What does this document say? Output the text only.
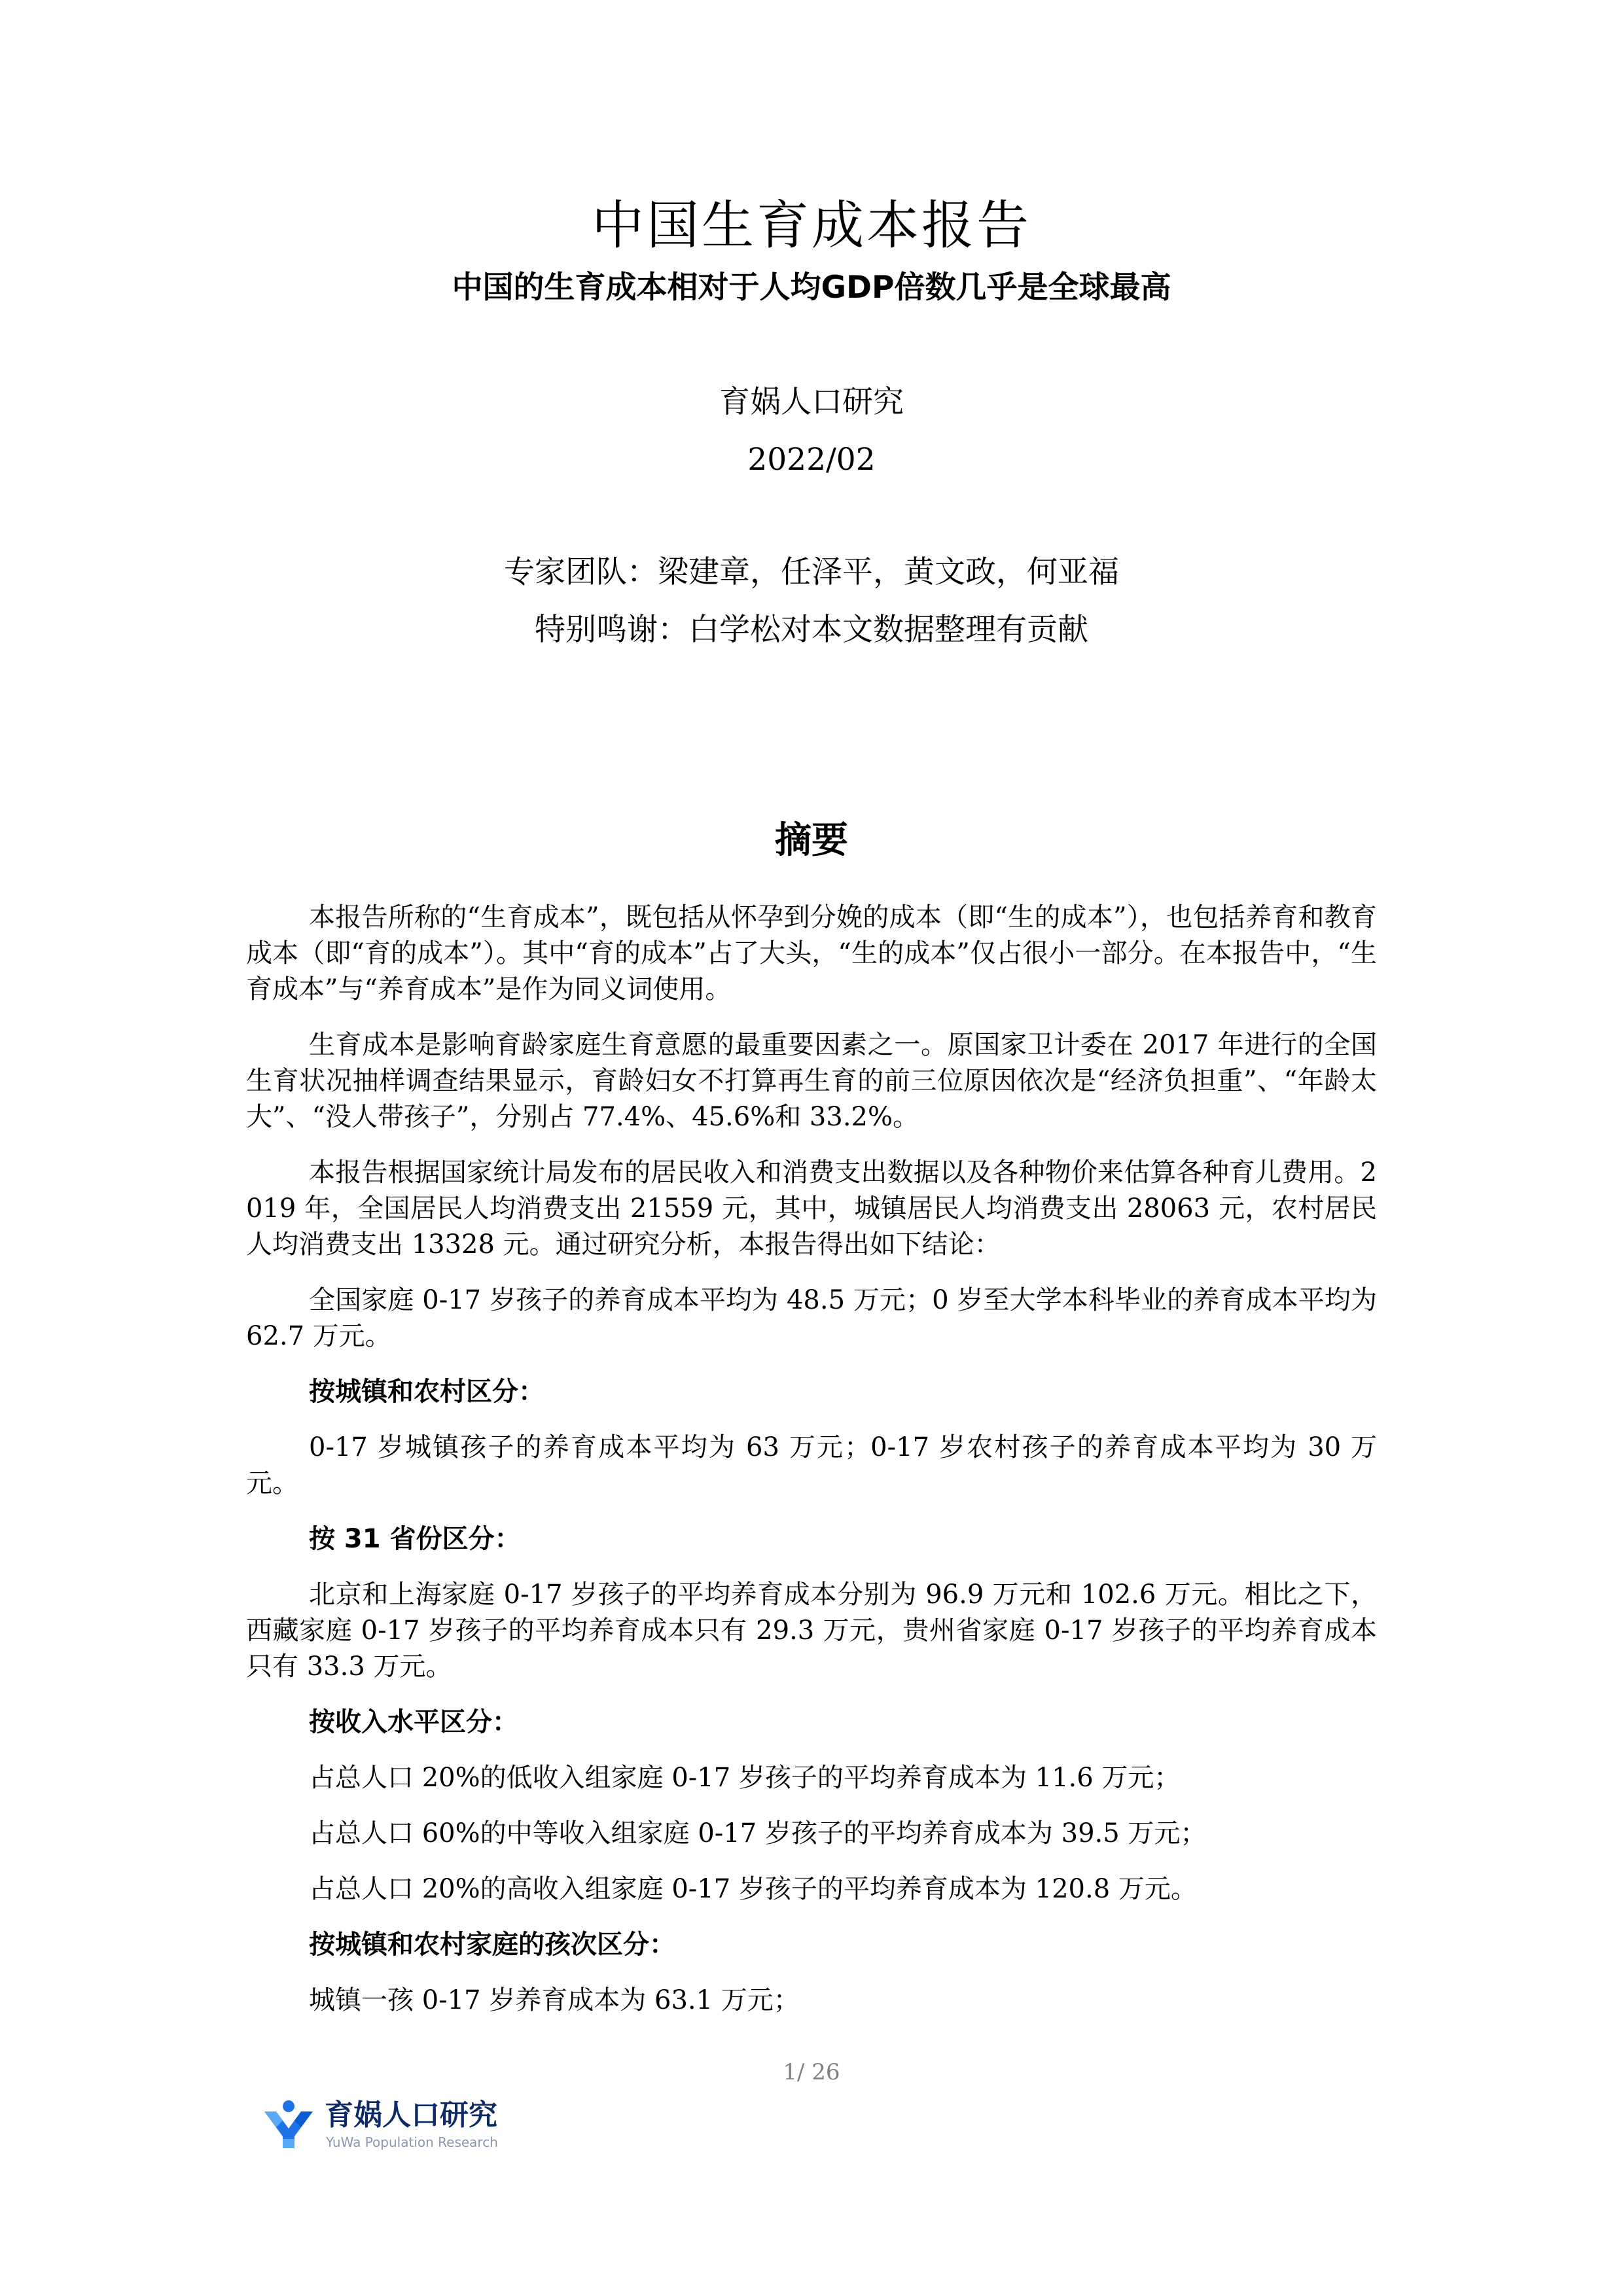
中国生育成本报告
中国的生育成本相对于人均GDP倍数几乎是全球最高
育娲人口研究
2022/02
专家团队：梁建章，任泽平，黄文政，何亚福
特别鸣谢：白学松对本文数据整理有贡献
摘要

本报告所称的“生育成本”，既包括从怀孕到分娩的成本（即“生的成本”），也包括养育和教育成本（即“育的成本”）。其中“育的成本”占了大头，“生的成本”仅占很小一部分。在本报告中，“生育成本”与“养育成本”是作为同义词使用。

生育成本是影响育龄家庭生育意愿的最重要因素之一。原国家卫计委在 2017 年进行的全国生育状况抽样调查结果显示，育龄妇女不打算再生育的前三位原因依次是“经济负担重”、“年龄太大”、“没人带孩子”，分别占 77.4%、45.6%和 33.2%。

本报告根据国家统计局发布的居民收入和消费支出数据以及各种物价来估算各种育儿费用。2019 年，全国居民人均消费支出 21559 元，其中，城镇居民人均消费支出 28063 元，农村居民人均消费支出 13328 元。通过研究分析，本报告得出如下结论：

全国家庭 0-17 岁孩子的养育成本平均为 48.5 万元；0 岁至大学本科毕业的养育成本平均为 62.7 万元。

按城镇和农村区分：

0-17 岁城镇孩子的养育成本平均为 63 万元；0-17 岁农村孩子的养育成本平均为 30 万元。

按 31 省份区分：

北京和上海家庭 0-17 岁孩子的平均养育成本分别为 96.9 万元和 102.6 万元。相比之下，西藏家庭 0-17 岁孩子的平均养育成本只有 29.3 万元，贵州省家庭 0-17 岁孩子的平均养育成本只有 33.3 万元。

按收入水平区分：

占总人口 20%的低收入组家庭 0-17 岁孩子的平均养育成本为 11.6 万元；

占总人口 60%的中等收入组家庭 0-17 岁孩子的平均养育成本为 39.5 万元；

占总人口 20%的高收入组家庭 0-17 岁孩子的平均养育成本为 120.8 万元。

按城镇和农村家庭的孩次区分：

城镇一孩 0-17 岁养育成本为 63.1 万元；

1/ 26
育娲人口研究
YuWa Population Research
